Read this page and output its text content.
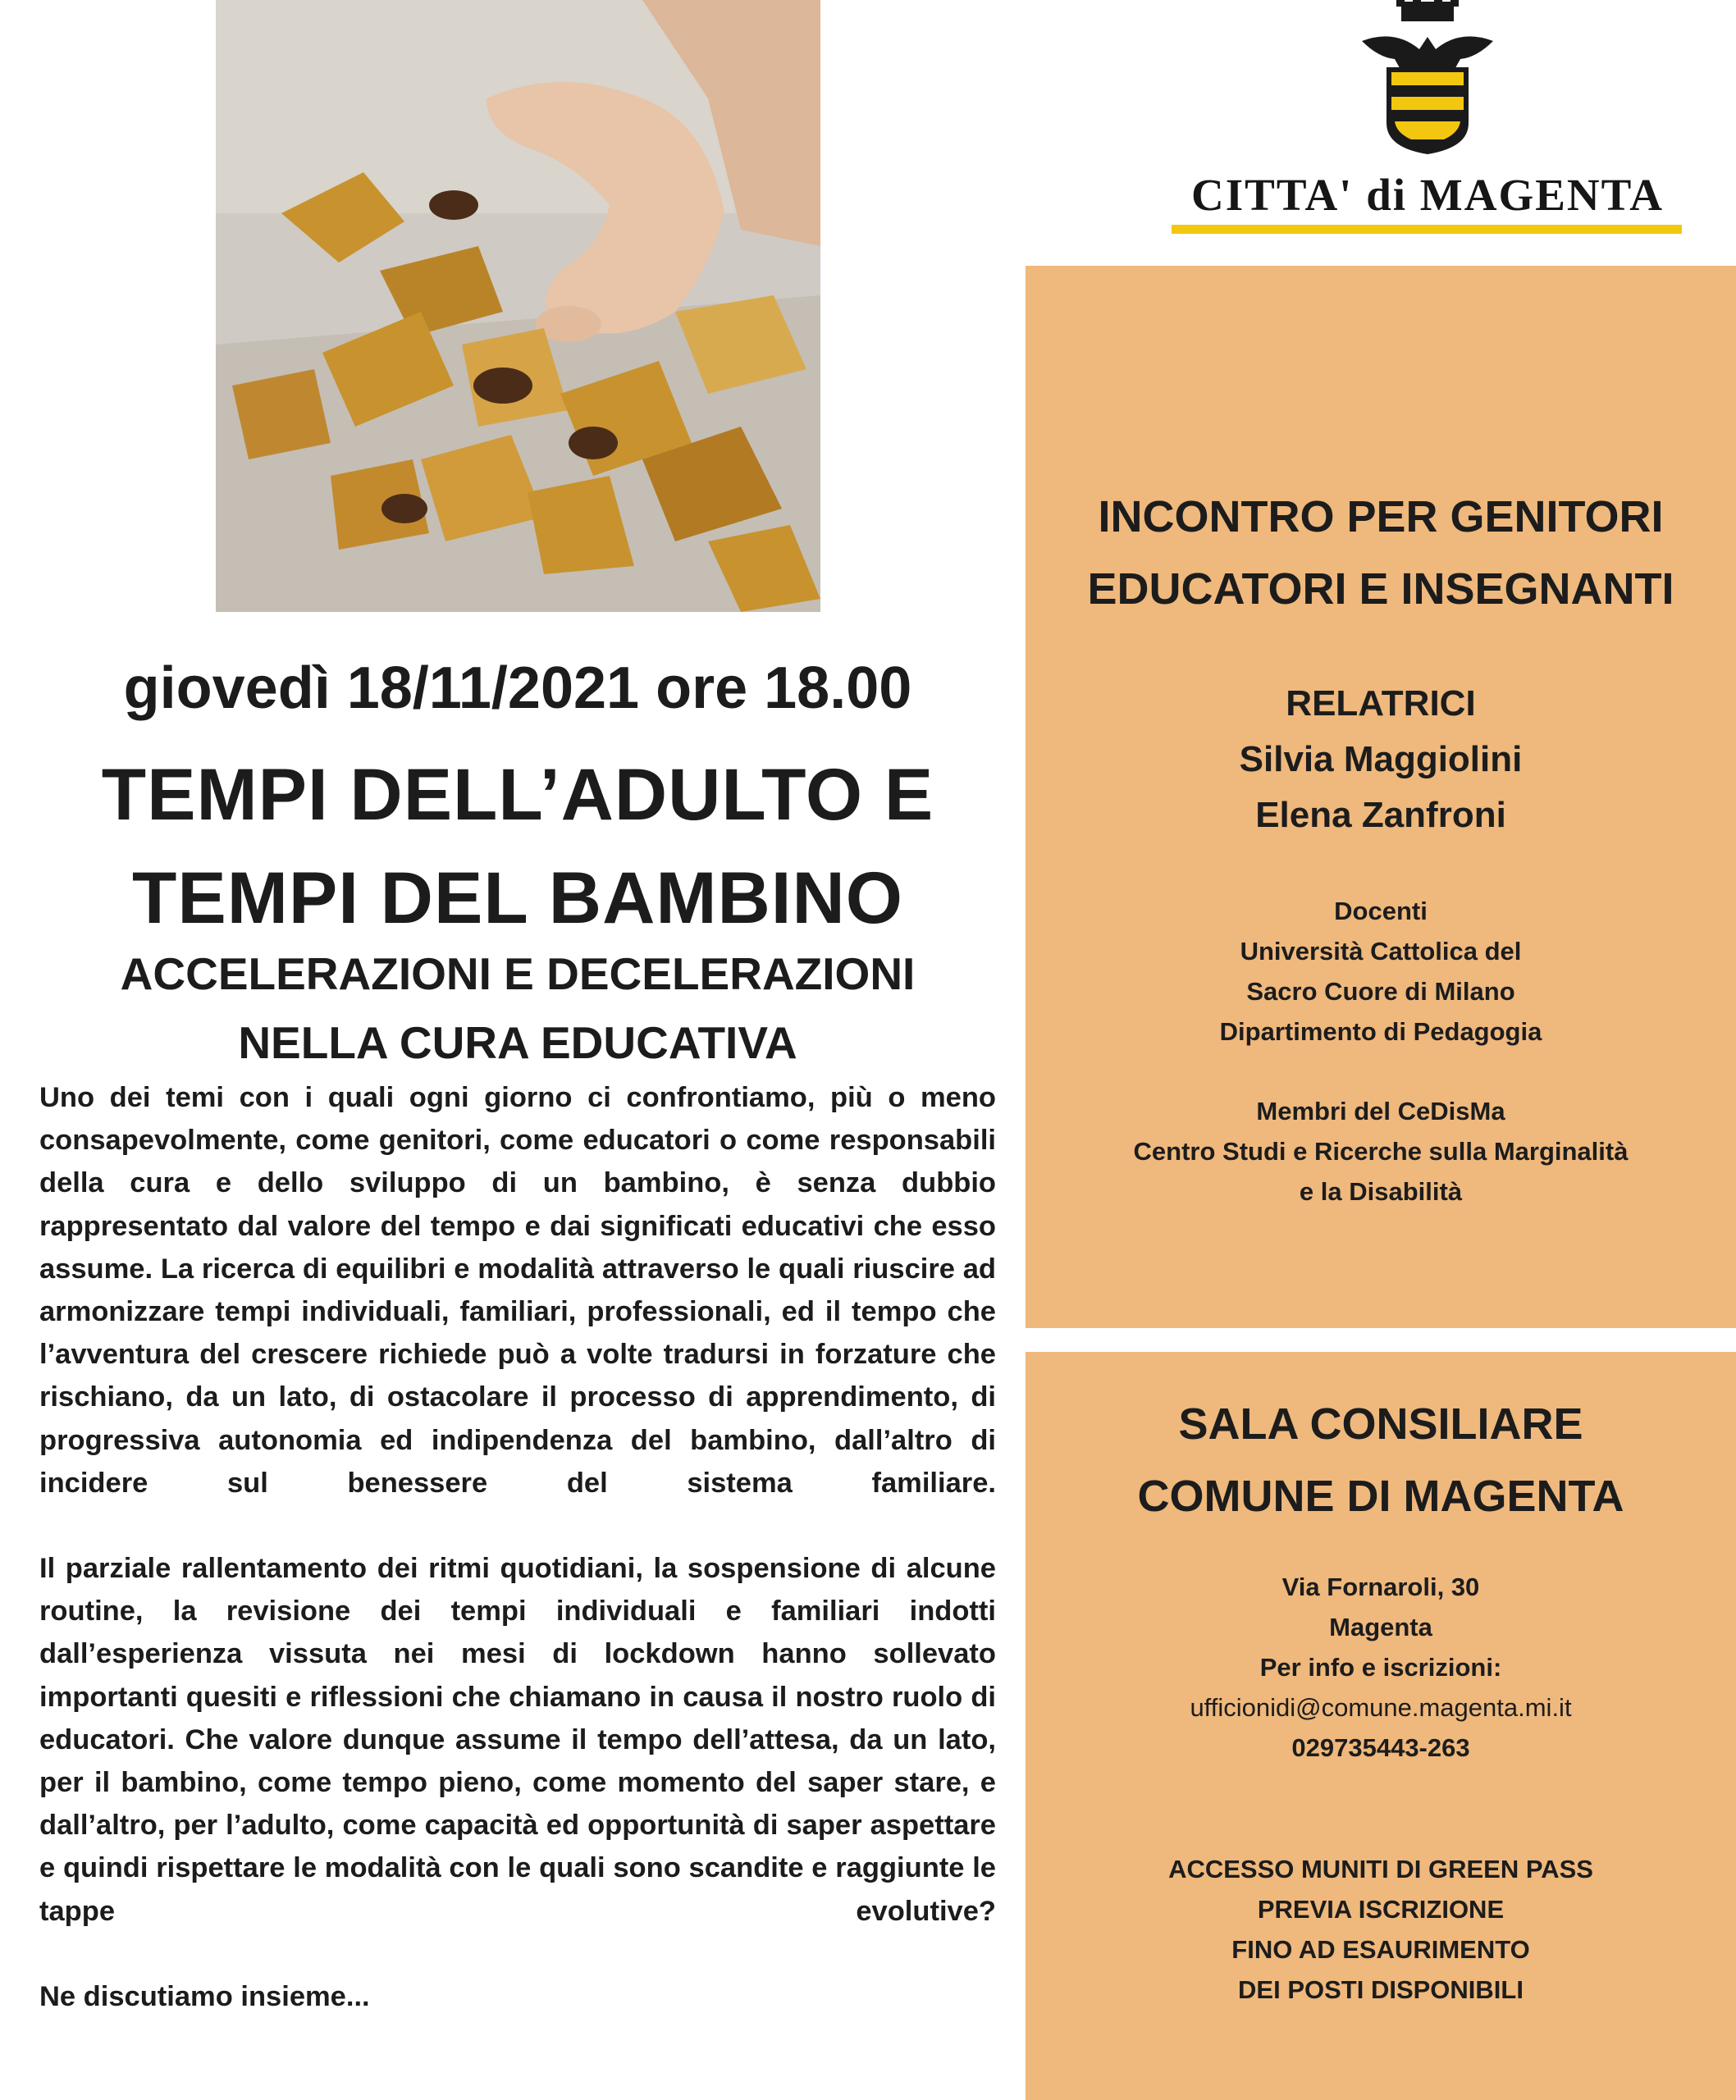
CITTA' di MAGENTA
giovedì 18/11/2021 ore 18.00
TEMPI DELL’ADULTO E
TEMPI DEL BAMBINO
ACCELERAZIONI E DECELERAZIONI
NELLA CURA EDUCATIVA

Uno dei temi con i quali ogni giorno ci confrontiamo, più o meno consapevolmente, come genitori, come educatori o come responsabili della cura e dello sviluppo di un bambino, è senza dubbio rappresentato dal valore del tempo e dai significati educativi che esso assume. La ricerca di equilibri e modalità attraverso le quali riuscire ad armonizzare tempi individuali, familiari, professionali, ed il tempo che l’avventura del crescere richiede può a volte tradursi in forzature che rischiano, da un lato, di ostacolare il processo di apprendimento, di progressiva autonomia ed indipendenza del bambino, dall’altro di incidere sul benessere del sistema familiare.

Il parziale rallentamento dei ritmi quotidiani, la sospensione di alcune routine, la revisione dei tempi individuali e familiari indotti dall’esperienza vissuta nei mesi di lockdown hanno sollevato importanti quesiti e riflessioni che chiamano in causa il nostro ruolo di educatori. Che valore dunque assume il tempo dell’attesa, da un lato, per il bambino, come tempo pieno, come momento del saper stare, e dall’altro, per l’adulto, come capacità ed opportunità di saper aspettare e quindi rispettare le modalità con le quali sono scandite e raggiunte le tappe evolutive?

Ne discutiamo insieme...

INCONTRO PER GENITORI
EDUCATORI E INSEGNANTI
RELATRICI
Silvia Maggiolini
Elena Zanfroni
Docenti
Università Cattolica del
Sacro Cuore di Milano
Dipartimento di Pedagogia
Membri del CeDisMa
Centro Studi e Ricerche sulla Marginalità
e la Disabilità
SALA CONSILIARE
COMUNE DI MAGENTA
Via Fornaroli, 30
Magenta
Per info e iscrizioni:
ufficionidi@comune.magenta.mi.it
029735443-263
ACCESSO MUNITI DI GREEN PASS
PREVIA ISCRIZIONE
FINO AD ESAURIMENTO
DEI POSTI DISPONIBILI
